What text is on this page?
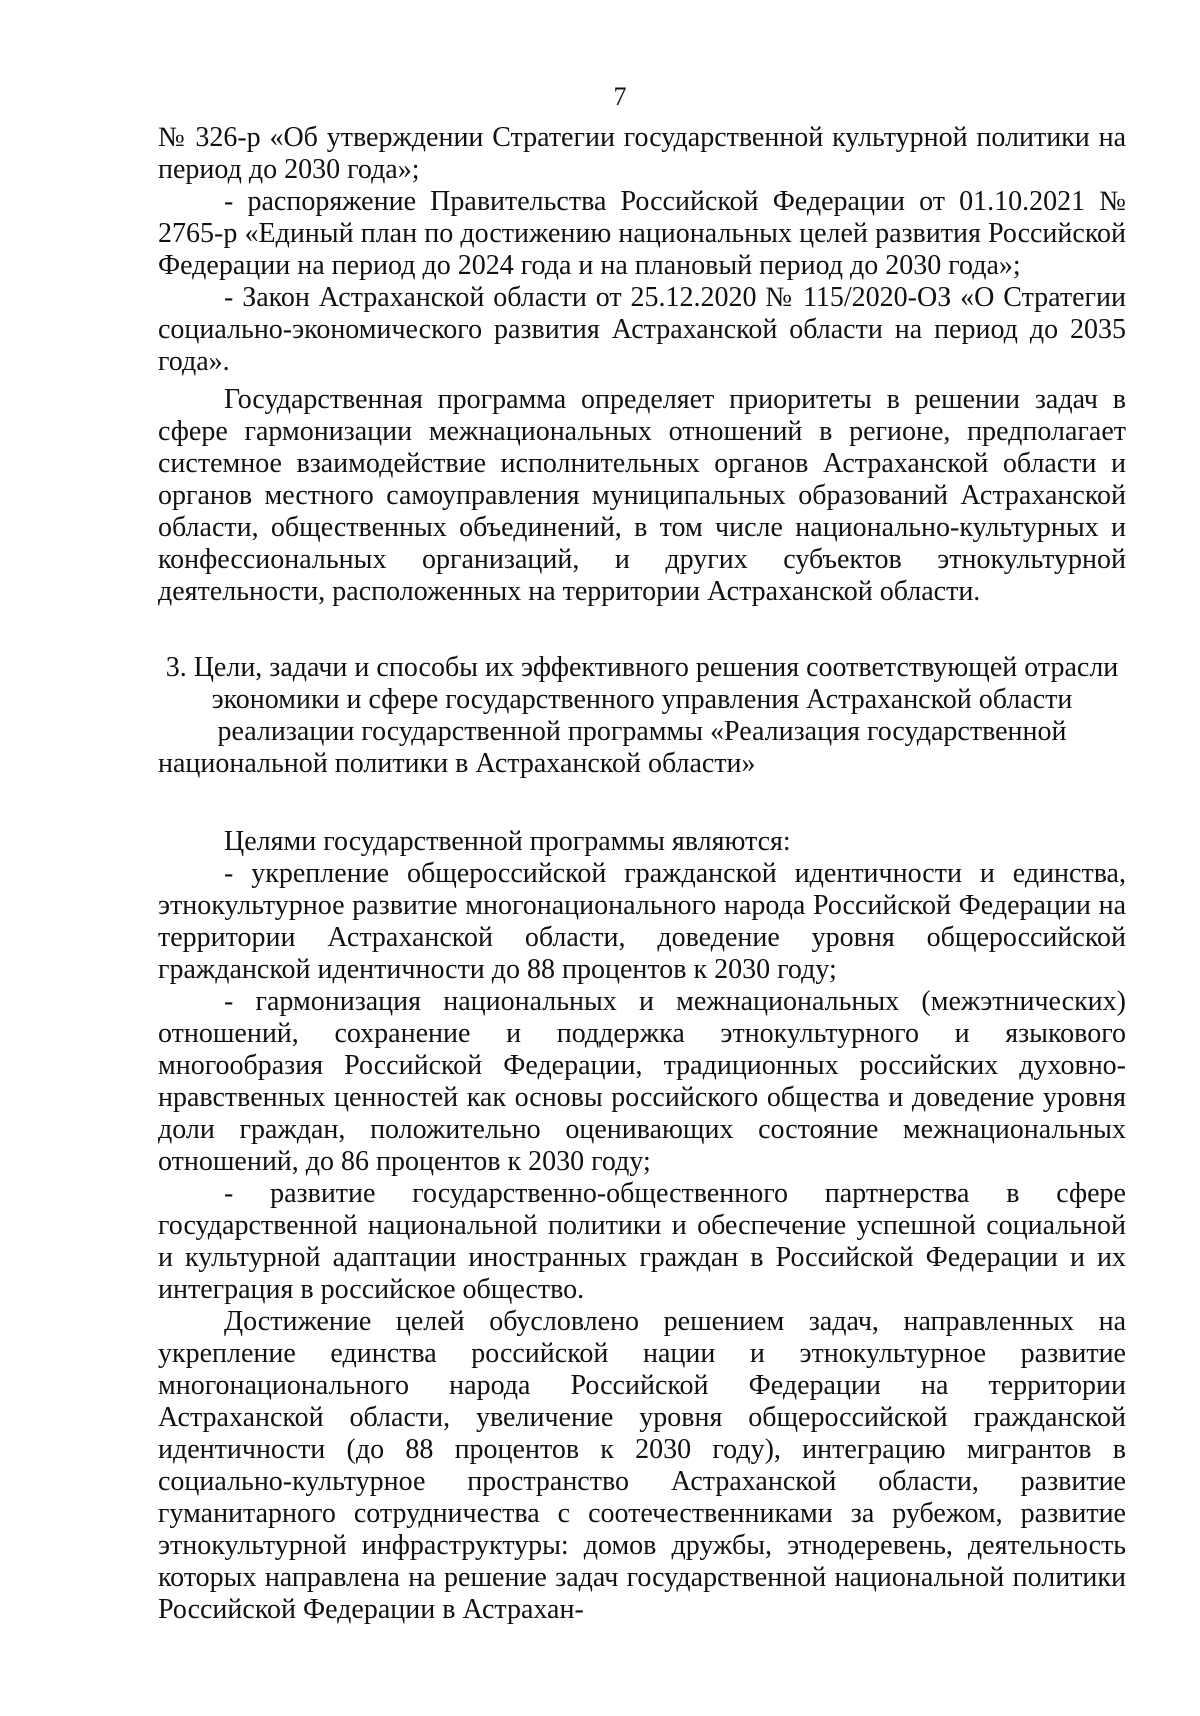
7

№ 326-р «Об утверждении Стратегии государственной культурной политики на период до 2030 года»;

- распоряжение Правительства Российской Федерации от 01.10.2021 № 2765-р «Единый план по достижению национальных целей развития Российской Федерации на период до 2024 года и на плановый период до 2030 года»;

- Закон Астраханской области от 25.12.2020 № 115/2020-ОЗ «О Стратегии социально-экономического развития Астраханской области на период до 2035 года».

Государственная программа определяет приоритеты в решении задач в сфере гармонизации межнациональных отношений в регионе, предполагает системное взаимодействие исполнительных органов Астраханской области и органов местного самоуправления муниципальных образований Астраханской области, общественных объединений, в том числе национально-культурных и конфессиональных организаций, и других субъектов этнокультурной деятельности, расположенных на территории Астраханской области.

3. Цели, задачи и способы их эффективного решения соответствующей отрасли экономики и сфере государственного управления Астраханской области реализации государственной программы «Реализация государственной национальной политики в Астраханской области»

Целями государственной программы являются:

- укрепление общероссийской гражданской идентичности и единства, этнокультурное развитие многонационального народа Российской Федерации на территории Астраханской области, доведение уровня общероссийской гражданской идентичности до 88 процентов к 2030 году;

- гармонизация национальных и межнациональных (межэтнических) отношений, сохранение и поддержка этнокультурного и языкового многообразия Российской Федерации, традиционных российских духовно-нравственных ценностей как основы российского общества и доведение уровня доли граждан, положительно оценивающих состояние межнациональных отношений, до 86 процентов к 2030 году;

- развитие государственно-общественного партнерства в сфере государственной национальной политики и обеспечение успешной социальной и культурной адаптации иностранных граждан в Российской Федерации и их интеграция в российское общество.

Достижение целей обусловлено решением задач, направленных на укрепление единства российской нации и этнокультурное развитие многонационального народа Российской Федерации на территории Астраханской области, увеличение уровня общероссийской гражданской идентичности (до 88 процентов к 2030 году), интеграцию мигрантов в социально-культурное пространство Астраханской области, развитие гуманитарного сотрудничества с соотечественниками за рубежом, развитие этнокультурной инфраструктуры: домов дружбы, этнодеревень, деятельность которых направлена на решение задач государственной национальной политики Российской Федерации в Астрахан-
